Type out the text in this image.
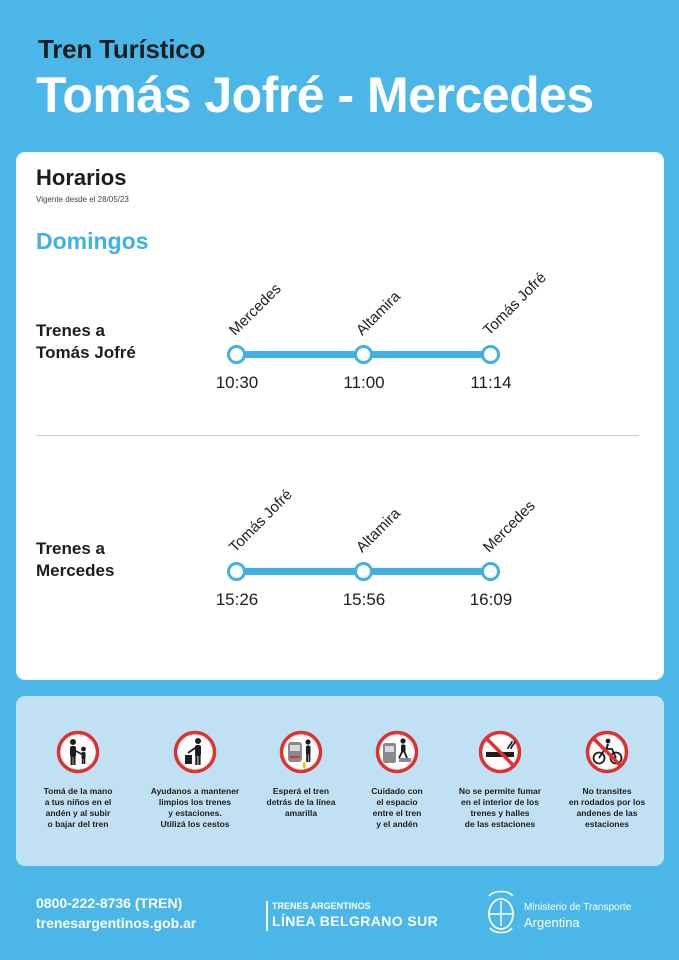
Tren Turístico
Tomás Jofré - Mercedes
Horarios
Vigente desde el 28/05/23
Domingos
Trenes a
Tomás Jofré
Mercedes	Altamira	Tomás Jofré
10:30	11:00	11:14
Trenes a
Mercedes
Tomás Jofré	Altamira	Mercedes
15:26	15:56	16:09
Tomá de la mano
a tus niños en el
andén y al subir
o bajar del tren
Ayudanos a mantener
limpios los trenes
y estaciones.
Utilizá los cestos
Esperá el tren
detrás de la línea
amarilla
Cuidado con
el espacio
entre el tren
y el andén
No se permite fumar
en el interior de los
trenes y halles
de las estaciones
No transites
en rodados por los
andenes de las
estaciones
0800-222-8736 (TREN)
trenesargentinos.gob.ar
TRENES ARGENTINOS
LÍNEA BELGRANO SUR
Ministerio de Transporte
Argentina
